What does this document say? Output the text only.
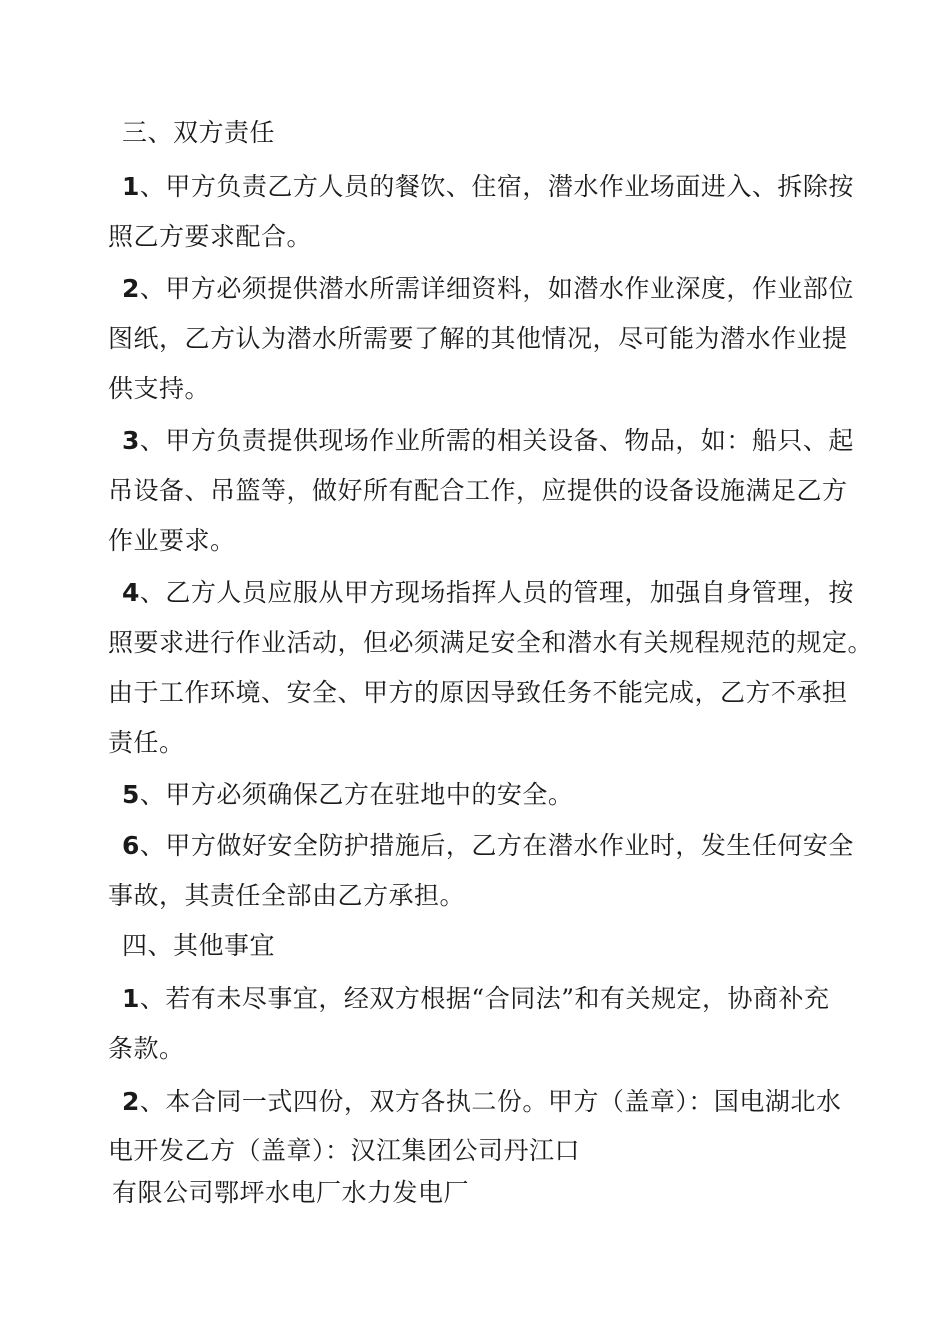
三、双方责任
1、甲方负责乙方人员的餐饮、住宿，潜水作业场面进入、拆除按
照乙方要求配合。
2、甲方必须提供潜水所需详细资料，如潜水作业深度，作业部位
图纸，乙方认为潜水所需要了解的其他情况，尽可能为潜水作业提
供支持。
3、甲方负责提供现场作业所需的相关设备、物品，如：船只、起
吊设备、吊篮等，做好所有配合工作，应提供的设备设施满足乙方
作业要求。
4、乙方人员应服从甲方现场指挥人员的管理，加强自身管理，按
照要求进行作业活动，但必须满足安全和潜水有关规程规范的规定。
由于工作环境、安全、甲方的原因导致任务不能完成，乙方不承担
责任。
5、甲方必须确保乙方在驻地中的安全。
6、甲方做好安全防护措施后，乙方在潜水作业时，发生任何安全
事故，其责任全部由乙方承担。
四、其他事宜
1、若有未尽事宜，经双方根据“合同法”和有关规定，协商补充
条款。
2、本合同一式四份，双方各执二份。甲方（盖章）：国电湖北水
电开发乙方（盖章）：汉江集团公司丹江口
有限公司鄂坪水电厂水力发电厂
